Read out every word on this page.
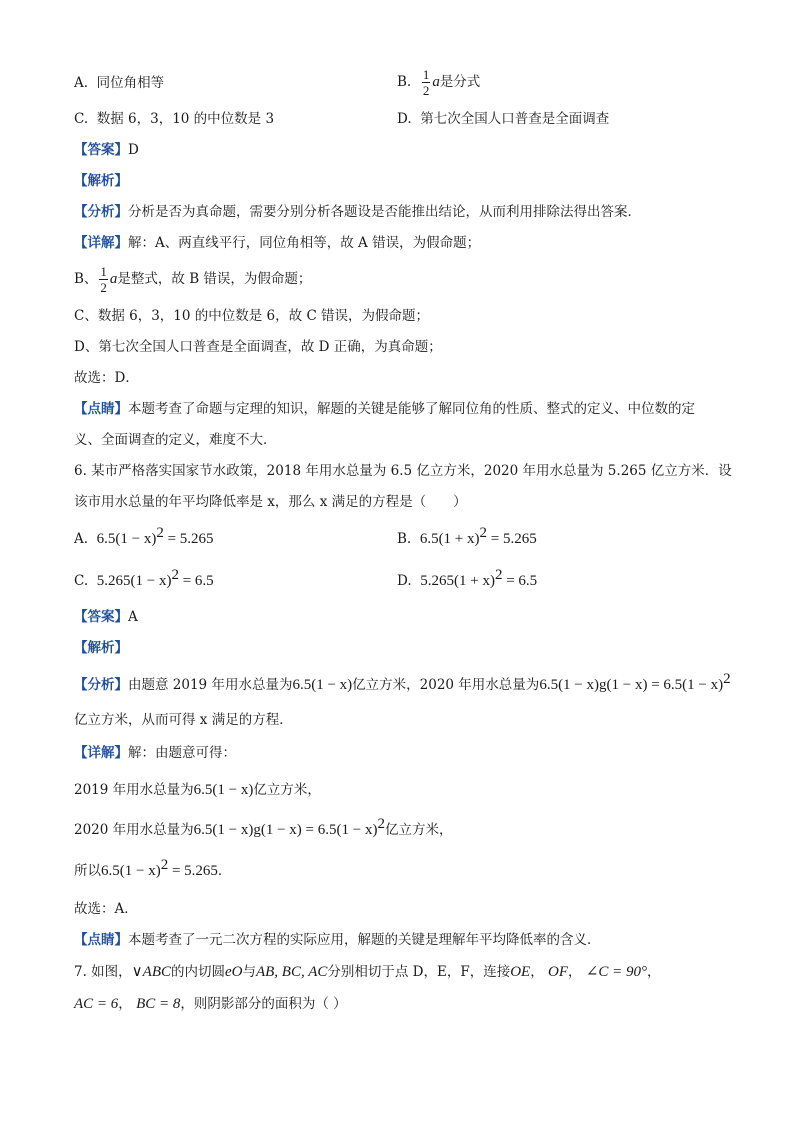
A. 同位角相等	B. $\frac{1}{2}$ a是分式
C. 数据 6，3，10 的中位数是 3	D. 第七次全国人口普查是全面调查
【答案】D
【解析】
【分析】分析是否为真命题，需要分别分析各题设是否能推出结论，从而利用排除法得出答案．
【详解】解：A、两直线平行，同位角相等，故 A 错误，为假命题；
B、 $\frac{1}{2}$ a是整式，故 B 错误，为假命题；
C、数据 6，3，10 的中位数是 6，故 C 错误，为假命题；
D、第七次全国人口普查是全面调查，故 D 正确，为真命题；
故选：D．
【点睛】本题考查了命题与定理的知识，解题的关键是能够了解同位角的性质、整式的定义、中位数的定
义、全面调查的定义，难度不大．
6. 某市严格落实国家节水政策，2018 年用水总量为 6.5 亿立方米，2020 年用水总量为 5.265 亿立方米．设
该市用水总量的年平均降低率是 x，那么 x 满足的方程是（　　）
A. $6.5(1 - x)^2 = 5.265$	B. $6.5(1 + x)^2 = 5.265$
C. $5.265(1 - x)^2 = 6.5$	D. $5.265(1 + x)^2 = 6.5$
【答案】A
【解析】
【分析】由题意 2019 年用水总量为6.5(1 − x)亿立方米，2020 年用水总量为$6.5(1 - x)g(1 - x) = 6.5(1 - x)^2$
亿立方米，从而可得 x 满足的方程．
【详解】解：由题意可得：
2019 年用水总量为6.5(1 − x)亿立方米，
2020 年用水总量为$6.5(1 - x)g(1 - x) = 6.5(1 - x)^2$亿立方米，
所以$6.5(1 - x)^2 = 5.265$．
故选：A．
【点睛】本题考查了一元二次方程的实际应用，解题的关键是理解年平均降低率的含义．
7. 如图，∨ABC的内切圆eO与AB, BC, AC分别相切于点 D，E，F，连接OE， OF， ∠C = 90°，
AC = 6， BC = 8，则阴影部分的面积为（ ）
